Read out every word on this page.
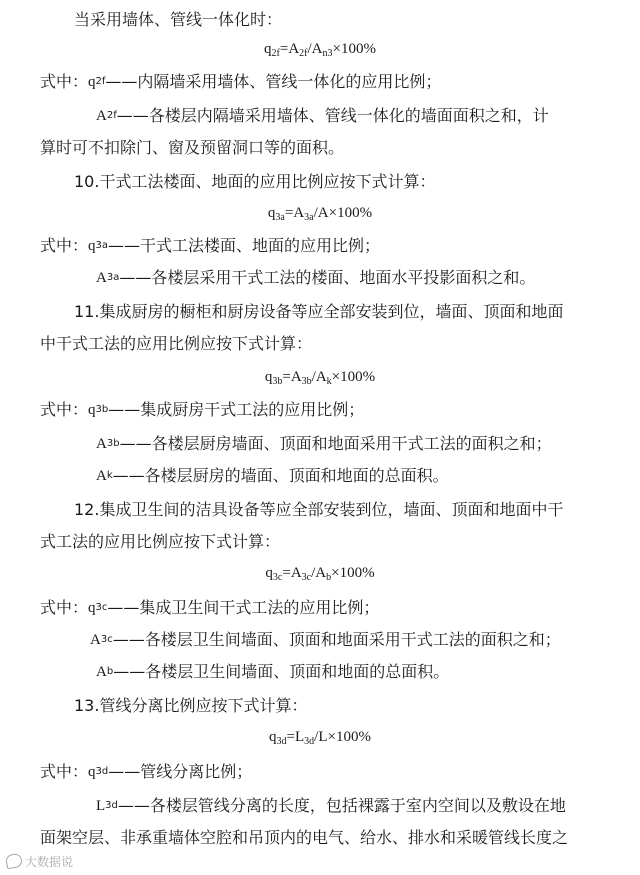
当采用墙体、管线一体化时：
$q_{2f}=A_{2f}/A_{n3}\times 100\%$
式中： q 2f ——内隔墙采用墙体、管线一体化的应用比例；
A 2f ——各楼层内隔墙采用墙体、管线一体化的墙面面积之和，计
算时可不扣除门、窗及预留洞口等的面积。
10.干式工法楼面、地面的应用比例应按下式计算：
$q_{3a}=A_{3a}/A\times 100\%$
式中： q 3a ——干式工法楼面、地面的应用比例；
A 3a ——各楼层采用干式工法的楼面、地面水平投影面积之和。
11.集成厨房的橱柜和厨房设备等应全部安装到位，墙面、顶面和地面
中干式工法的应用比例应按下式计算：
$q_{3b}=A_{3b}/A_k\times 100\%$
式中： q 3b ——集成厨房干式工法的应用比例；
A 3b ——各楼层厨房墙面、顶面和地面采用干式工法的面积之和；
A k ——各楼层厨房的墙面、顶面和地面的总面积。
12.集成卫生间的洁具设备等应全部安装到位，墙面、顶面和地面中干
式工法的应用比例应按下式计算：
$q_{3c}=A_{3c}/A_b\times 100\%$
式中： q 3c ——集成卫生间干式工法的应用比例；
A 3c ——各楼层卫生间墙面、顶面和地面采用干式工法的面积之和；
A b ——各楼层卫生间墙面、顶面和地面的总面积。
13.管线分离比例应按下式计算：
$q_{3d}=L_{3d}/L\times 100\%$
式中： q 3d ——管线分离比例；
L 3d ——各楼层管线分离的长度，包括裸露于室内空间以及敷设在地
面架空层、非承重墙体空腔和吊顶内的电气、给水、排水和采暖管线长度之
大数据说
